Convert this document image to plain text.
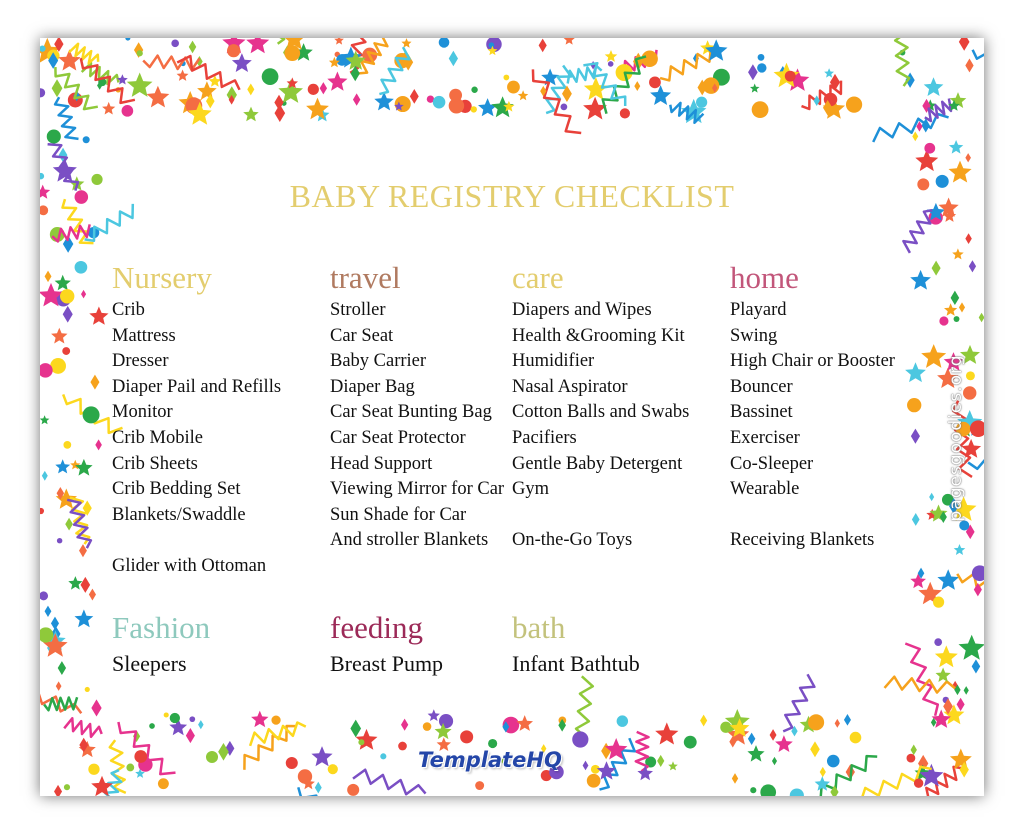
BABY REGISTRY CHECKLIST
Nursery
Crib
Mattress
Dresser
Diaper Pail and Refills
Monitor
Crib Mobile
Crib Sheets
Crib Bedding Set
Blankets/Swaddle
Glider with Ottoman
travel
Stroller
Car Seat
Baby Carrier
Diaper Bag
Car Seat Bunting Bag
Car Seat Protector
Head Support
Viewing Mirror for Car
Sun Shade for Car
And stroller Blankets
care
Diapers and Wipes
Health &Grooming Kit
Humidifier
Nasal Aspirator
Cotton Balls and Swabs
Pacifiers
Gentle Baby Detergent
Gym
On-the-Go Toys
home
Playard
Swing
High Chair or Booster
Bouncer
Bassinet
Exerciser
Co-Sleeper
Wearable
Receiving Blankets
Fashion
Sleepers
feeding
Breast Pump
bath
Infant Bathtub
TemplateHQ
pagesgoodies.org
